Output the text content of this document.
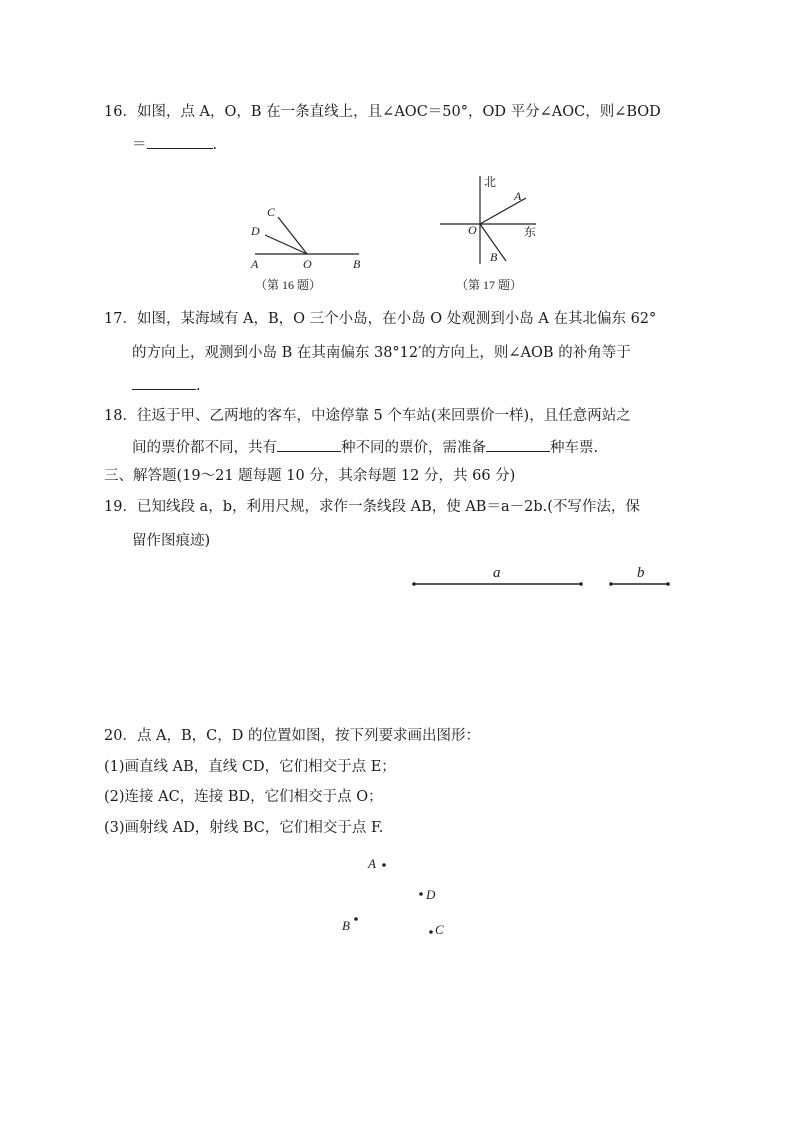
16．如图，点 A，O，B 在一条直线上，且∠AOC＝50°，OD 平分∠AOC，则∠BOD
＝	.
C
D
A	O	B
（第 16 题）
北
东
A
O
B
（第 17 题）
17．如图，某海域有 A，B，O 三个小岛，在小岛 O 处观测到小岛 A 在其北偏东 62°
的方向上，观测到小岛 B 在其南偏东 38°12′的方向上，则∠AOB 的补角等于
.
18．往返于甲、乙两地的客车，中途停靠 5 个车站(来回票价一样)，且任意两站之
间的票价都不同，共有	种不同的票价，需准备	种车票.
三、解答题(19～21 题每题 10 分，其余每题 12 分，共 66 分)
19．已知线段 a，b，利用尺规，求作一条线段 AB，使 AB＝a－2b.(不写作法，保
留作图痕迹)
a	b
20．点 A，B，C，D 的位置如图，按下列要求画出图形：
(1)画直线 AB，直线 CD，它们相交于点 E；
(2)连接 AC，连接 BD，它们相交于点 O；
(3)画射线 AD，射线 BC，它们相交于点 F.
A
D
B	C
